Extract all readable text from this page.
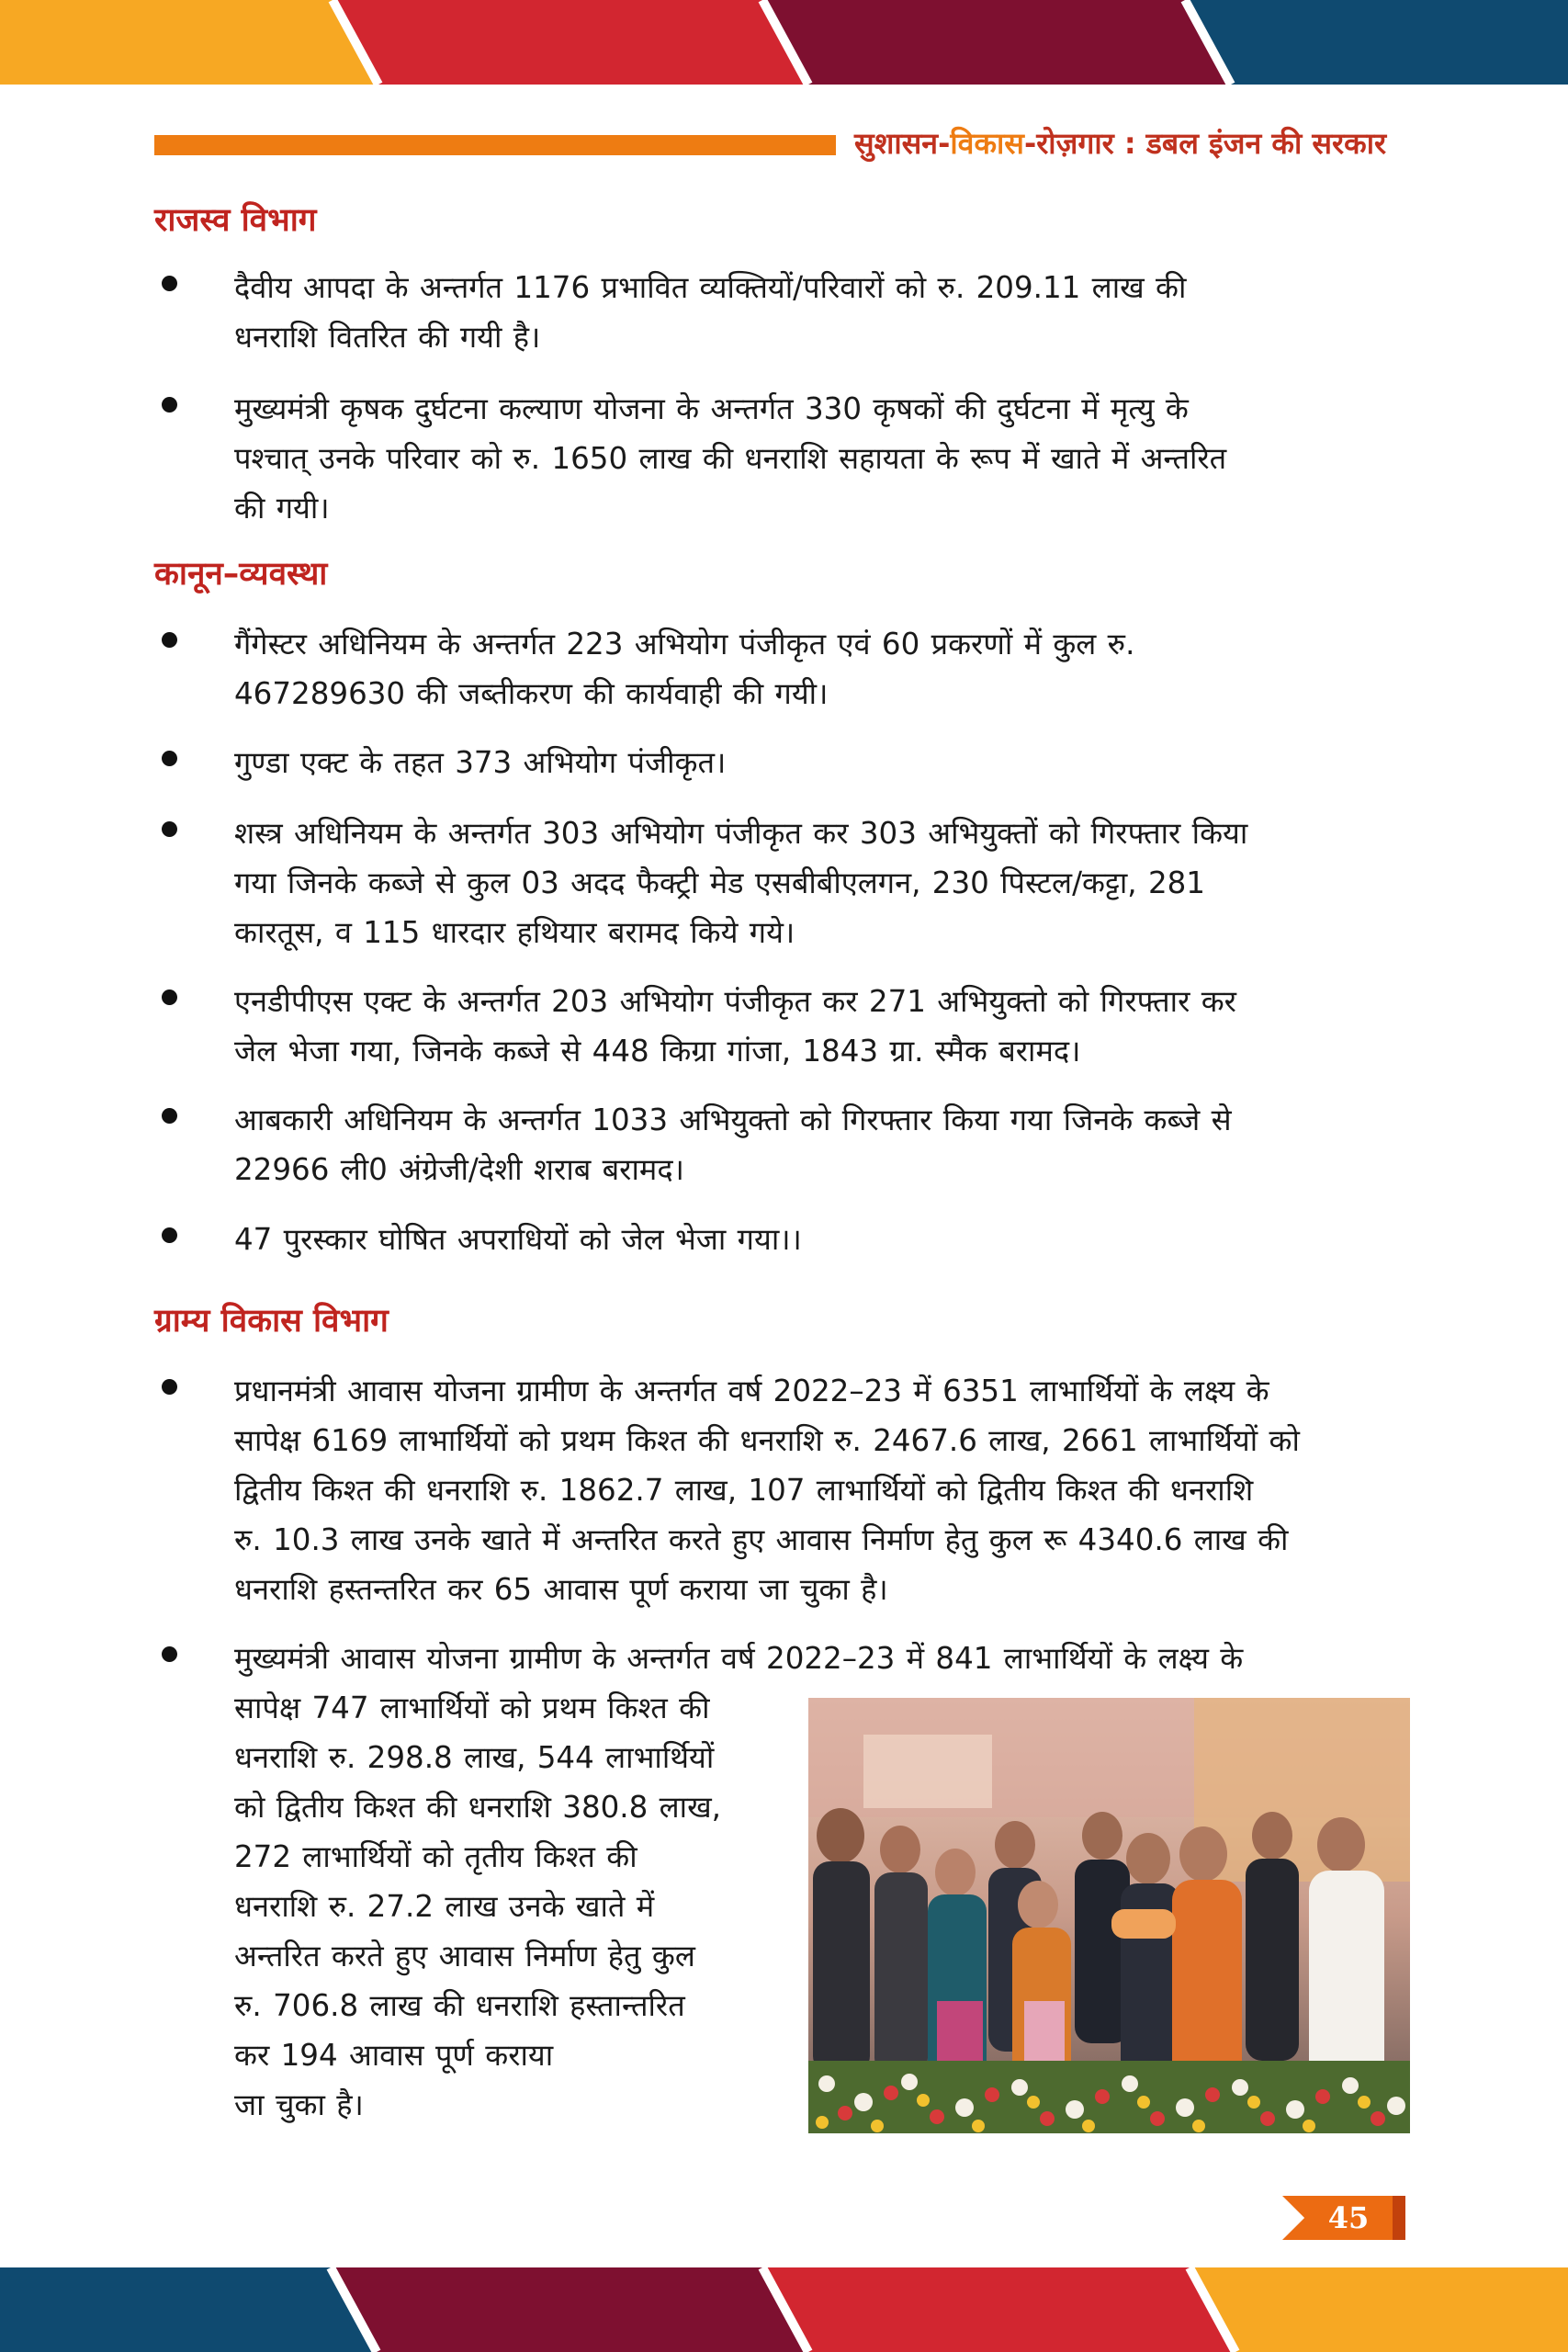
सुशासन-विकास-रोज़गार : डबल इंजन की सरकार
राजस्व विभाग
दैवीय आपदा के अन्तर्गत 1176 प्रभावित व्यक्तियों/परिवारों को रु. 209.11 लाख की
धनराशि वितरित की गयी है।
मुख्यमंत्री कृषक दुर्घटना कल्याण योजना के अन्तर्गत 330 कृषकों की दुर्घटना में मृत्यु के
पश्चात् उनके परिवार को रु. 1650 लाख की धनराशि सहायता के रूप में खाते में अन्तरित
की गयी।
कानून–व्यवस्था
गैंगेस्टर अधिनियम के अन्तर्गत 223 अभियोग पंजीकृत एवं 60 प्रकरणों में कुल रु.
467289630 की जब्तीकरण की कार्यवाही की गयी।
गुण्डा एक्ट के तहत 373 अभियोग पंजीकृत।
शस्त्र अधिनियम के अन्तर्गत 303 अभियोग पंजीकृत कर 303 अभियुक्तों को गिरफ्तार किया
गया जिनके कब्जे से कुल 03 अदद फैक्ट्री मेड एसबीबीएलगन, 230 पिस्टल/कट्टा, 281
कारतूस, व 115 धारदार हथियार बरामद किये गये।
एनडीपीएस एक्ट के अन्तर्गत 203 अभियोग पंजीकृत कर 271 अभियुक्तो को गिरफ्तार कर
जेल भेजा गया, जिनके कब्जे से 448 किग्रा गांजा, 1843 ग्रा. स्मैक बरामद।
आबकारी अधिनियम के अन्तर्गत 1033 अभियुक्तो को गिरफ्तार किया गया जिनके कब्जे से
22966 ली0 अंग्रेजी/देशी शराब बरामद।
47 पुरस्कार घोषित अपराधियों को जेल भेजा गया।।
ग्राम्य विकास विभाग
प्रधानमंत्री आवास योजना ग्रामीण के अन्तर्गत वर्ष 2022–23 में 6351 लाभार्थियों के लक्ष्य के
सापेक्ष 6169 लाभार्थियों को प्रथम किश्त की धनराशि रु. 2467.6 लाख, 2661 लाभार्थियों को
द्वितीय किश्त की धनराशि रु. 1862.7 लाख, 107 लाभार्थियों को द्वितीय किश्त की धनराशि
रु. 10.3 लाख उनके खाते में अन्तरित करते हुए आवास निर्माण हेतु कुल रू 4340.6 लाख की
धनराशि हस्तन्तरित कर 65 आवास पूर्ण कराया जा चुका है।
मुख्यमंत्री आवास योजना ग्रामीण के अन्तर्गत वर्ष 2022–23 में 841 लाभार्थियों के लक्ष्य के
सापेक्ष 747 लाभार्थियों को प्रथम किश्त की
धनराशि रु. 298.8 लाख, 544 लाभार्थियों
को द्वितीय किश्त की धनराशि 380.8 लाख,
272 लाभार्थियों को तृतीय किश्त की
धनराशि रु. 27.2 लाख उनके खाते में
अन्तरित करते हुए आवास निर्माण हेतु कुल
रु. 706.8 लाख की धनराशि हस्तान्तरित
कर 194 आवास पूर्ण कराया
जा चुका है।
45
